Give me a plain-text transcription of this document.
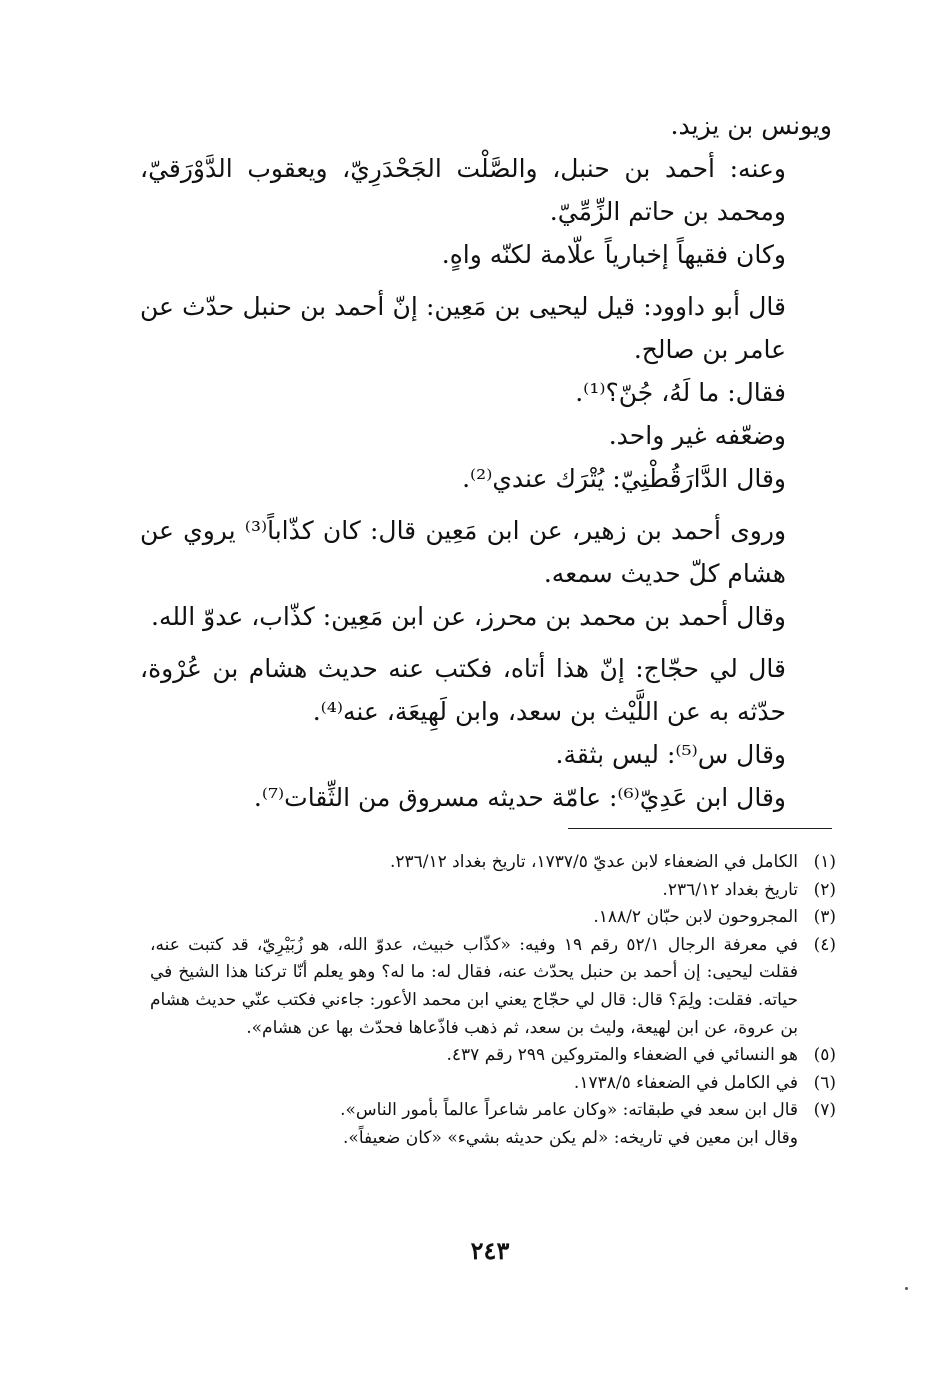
ويونس بن يزيد.

وعنه: أحمد بن حنبل، والصَّلْت الجَحْدَرِيّ، ويعقوب الدَّوْرَقيّ، ومحمد بن حاتم الزِّمِّيّ.

وكان فقيهاً إخبارياً علّامة لكنّه واهٍ.

قال أبو داوود: قيل ليحيى بن مَعِين: إنّ أحمد بن حنبل حدّث عن عامر بن صالح.

فقال: ما لَهُ، جُنّ؟⁽¹⁾.

وضعّفه غير واحد.

وقال الدَّارَقُطْنِيّ: يُتْرَك عندي⁽²⁾.

وروى أحمد بن زهير، عن ابن مَعِين قال: كان كذّاباً⁽³⁾ يروي عن هشام كلّ حديث سمعه.

وقال أحمد بن محمد بن محرز، عن ابن مَعِين: كذّاب، عدوّ الله.

قال لي حجّاج: إنّ هذا أتاه، فكتب عنه حديث هشام بن عُرْوة، حدّثه به عن اللَّيْث بن سعد، وابن لَهِيعَة، عنه⁽⁴⁾.

وقال س⁽⁵⁾: ليس بثقة.

وقال ابن عَدِيّ⁽⁶⁾: عامّة حديثه مسروق من الثِّقات⁽⁷⁾.

(١)
الكامل في الضعفاء لابن عديّ ١٧٣٧/٥، تاريخ بغداد ٢٣٦/١٢.
(٢)
تاريخ بغداد ٢٣٦/١٢.
(٣)
المجروحون لابن حبّان ١٨٨/٢.
(٤)
في معرفة الرجال ٥٢/١ رقم ١٩ وفيه: «كذّاب خبيث، عدوّ الله، هو زُبَيْرِيّ، قد كتبت عنه، فقلت ليحيى: إن أحمد بن حنبل يحدّث عنه، فقال له: ما له؟ وهو يعلم أنّا تركنا هذا الشيخ في حياته. فقلت: ولِمَ؟ قال: قال لي حجّاج يعني ابن محمد الأعور: جاءني فكتب عنّي حديث هشام بن عروة، عن ابن لهيعة، وليث بن سعد، ثم ذهب فاذّعاها فحدّث بها عن هشام».
(٥)
هو النسائي في الضعفاء والمتروكين ٢٩٩ رقم ٤٣٧.
(٦)
في الكامل في الضعفاء ١٧٣٨/٥.
(٧)
قال ابن سعد في طبقاته: «وكان عامر شاعراً عالماً بأمور الناس».
وقال ابن معين في تاريخه: «لم يكن حديثه بشيء» «كان ضعيفاً».
٢٤٣
